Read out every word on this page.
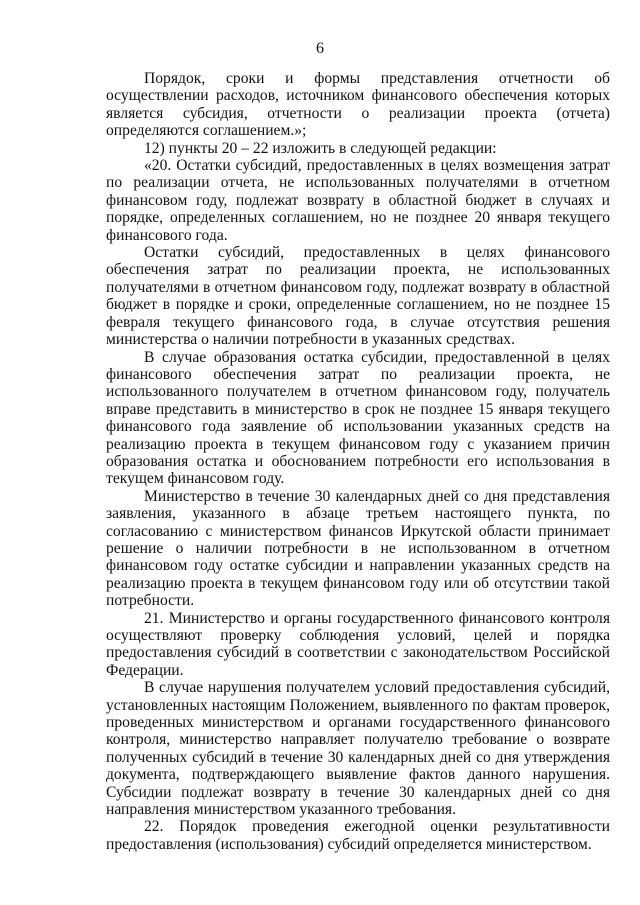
6

Порядок, сроки и формы представления отчетности об осуществлении расходов, источником финансового обеспечения которых является субсидия, отчетности о реализации проекта (отчета) определяются соглашением.»;

12) пункты 20 – 22 изложить в следующей редакции:

«20. Остатки субсидий, предоставленных в целях возмещения затрат по реализации отчета, не использованных получателями в отчетном финансовом году, подлежат возврату в областной бюджет в случаях и порядке, определенных соглашением, но не позднее 20 января текущего финансового года.

Остатки субсидий, предоставленных в целях финансового обеспечения затрат по реализации проекта, не использованных получателями в отчетном финансовом году, подлежат возврату в областной бюджет в порядке и сроки, определенные соглашением, но не позднее 15 февраля текущего финансового года, в случае отсутствия решения министерства о наличии потребности в указанных средствах.

В случае образования остатка субсидии, предоставленной в целях финансового обеспечения затрат по реализации проекта, не использованного получателем в отчетном финансовом году, получатель вправе представить в министерство в срок не позднее 15 января текущего финансового года заявление об использовании указанных средств на реализацию проекта в текущем финансовом году с указанием причин образования остатка и обоснованием потребности его использования в текущем финансовом году.

Министерство в течение 30 календарных дней со дня представления заявления, указанного в абзаце третьем настоящего пункта, по согласованию с министерством финансов Иркутской области принимает решение о наличии потребности в не использованном в отчетном финансовом году остатке субсидии и направлении указанных средств на реализацию проекта в текущем финансовом году или об отсутствии такой потребности.

21. Министерство и органы государственного финансового контроля осуществляют проверку соблюдения условий, целей и порядка предоставления субсидий в соответствии с законодательством Российской Федерации.

В случае нарушения получателем условий предоставления субсидий, установленных настоящим Положением, выявленного по фактам проверок, проведенных министерством и органами государственного финансового контроля, министерство направляет получателю требование о возврате полученных субсидий в течение 30 календарных дней со дня утверждения документа, подтверждающего выявление фактов данного нарушения. Субсидии подлежат возврату в течение 30 календарных дней со дня направления министерством указанного требования.

22. Порядок проведения ежегодной оценки результативности предоставления (использования) субсидий определяется министерством.
